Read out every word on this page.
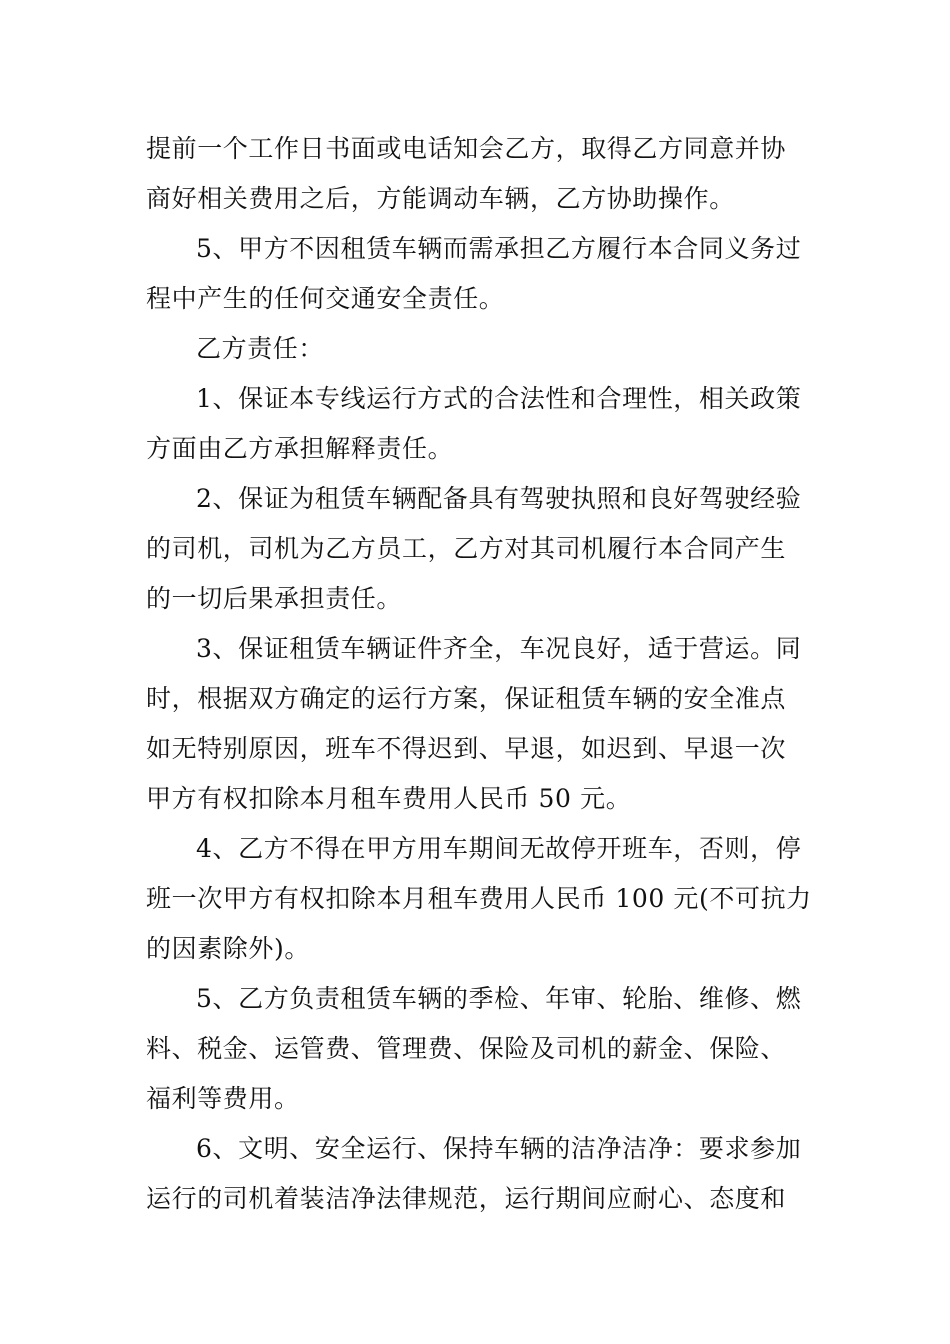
提前一个工作日书面或电话知会乙方，取得乙方同意并协
商好相关费用之后，方能调动车辆，乙方协助操作。
5、甲方不因租赁车辆而需承担乙方履行本合同义务过
程中产生的任何交通安全责任。
乙方责任：
1、保证本专线运行方式的合法性和合理性，相关政策
方面由乙方承担解释责任。
2、保证为租赁车辆配备具有驾驶执照和良好驾驶经验
的司机，司机为乙方员工，乙方对其司机履行本合同产生
的一切后果承担责任。
3、保证租赁车辆证件齐全，车况良好，适于营运。同
时，根据双方确定的运行方案，保证租赁车辆的安全准点
如无特别原因，班车不得迟到、早退，如迟到、早退一次
甲方有权扣除本月租车费用人民币 50 元。
4、乙方不得在甲方用车期间无故停开班车，否则，停
班一次甲方有权扣除本月租车费用人民币 100 元(不可抗力
的因素除外)。
5、乙方负责租赁车辆的季检、年审、轮胎、维修、燃
料、税金、运管费、管理费、保险及司机的薪金、保险、
福利等费用。
6、文明、安全运行、保持车辆的洁净洁净：要求参加
运行的司机着装洁净法律规范，运行期间应耐心、态度和
